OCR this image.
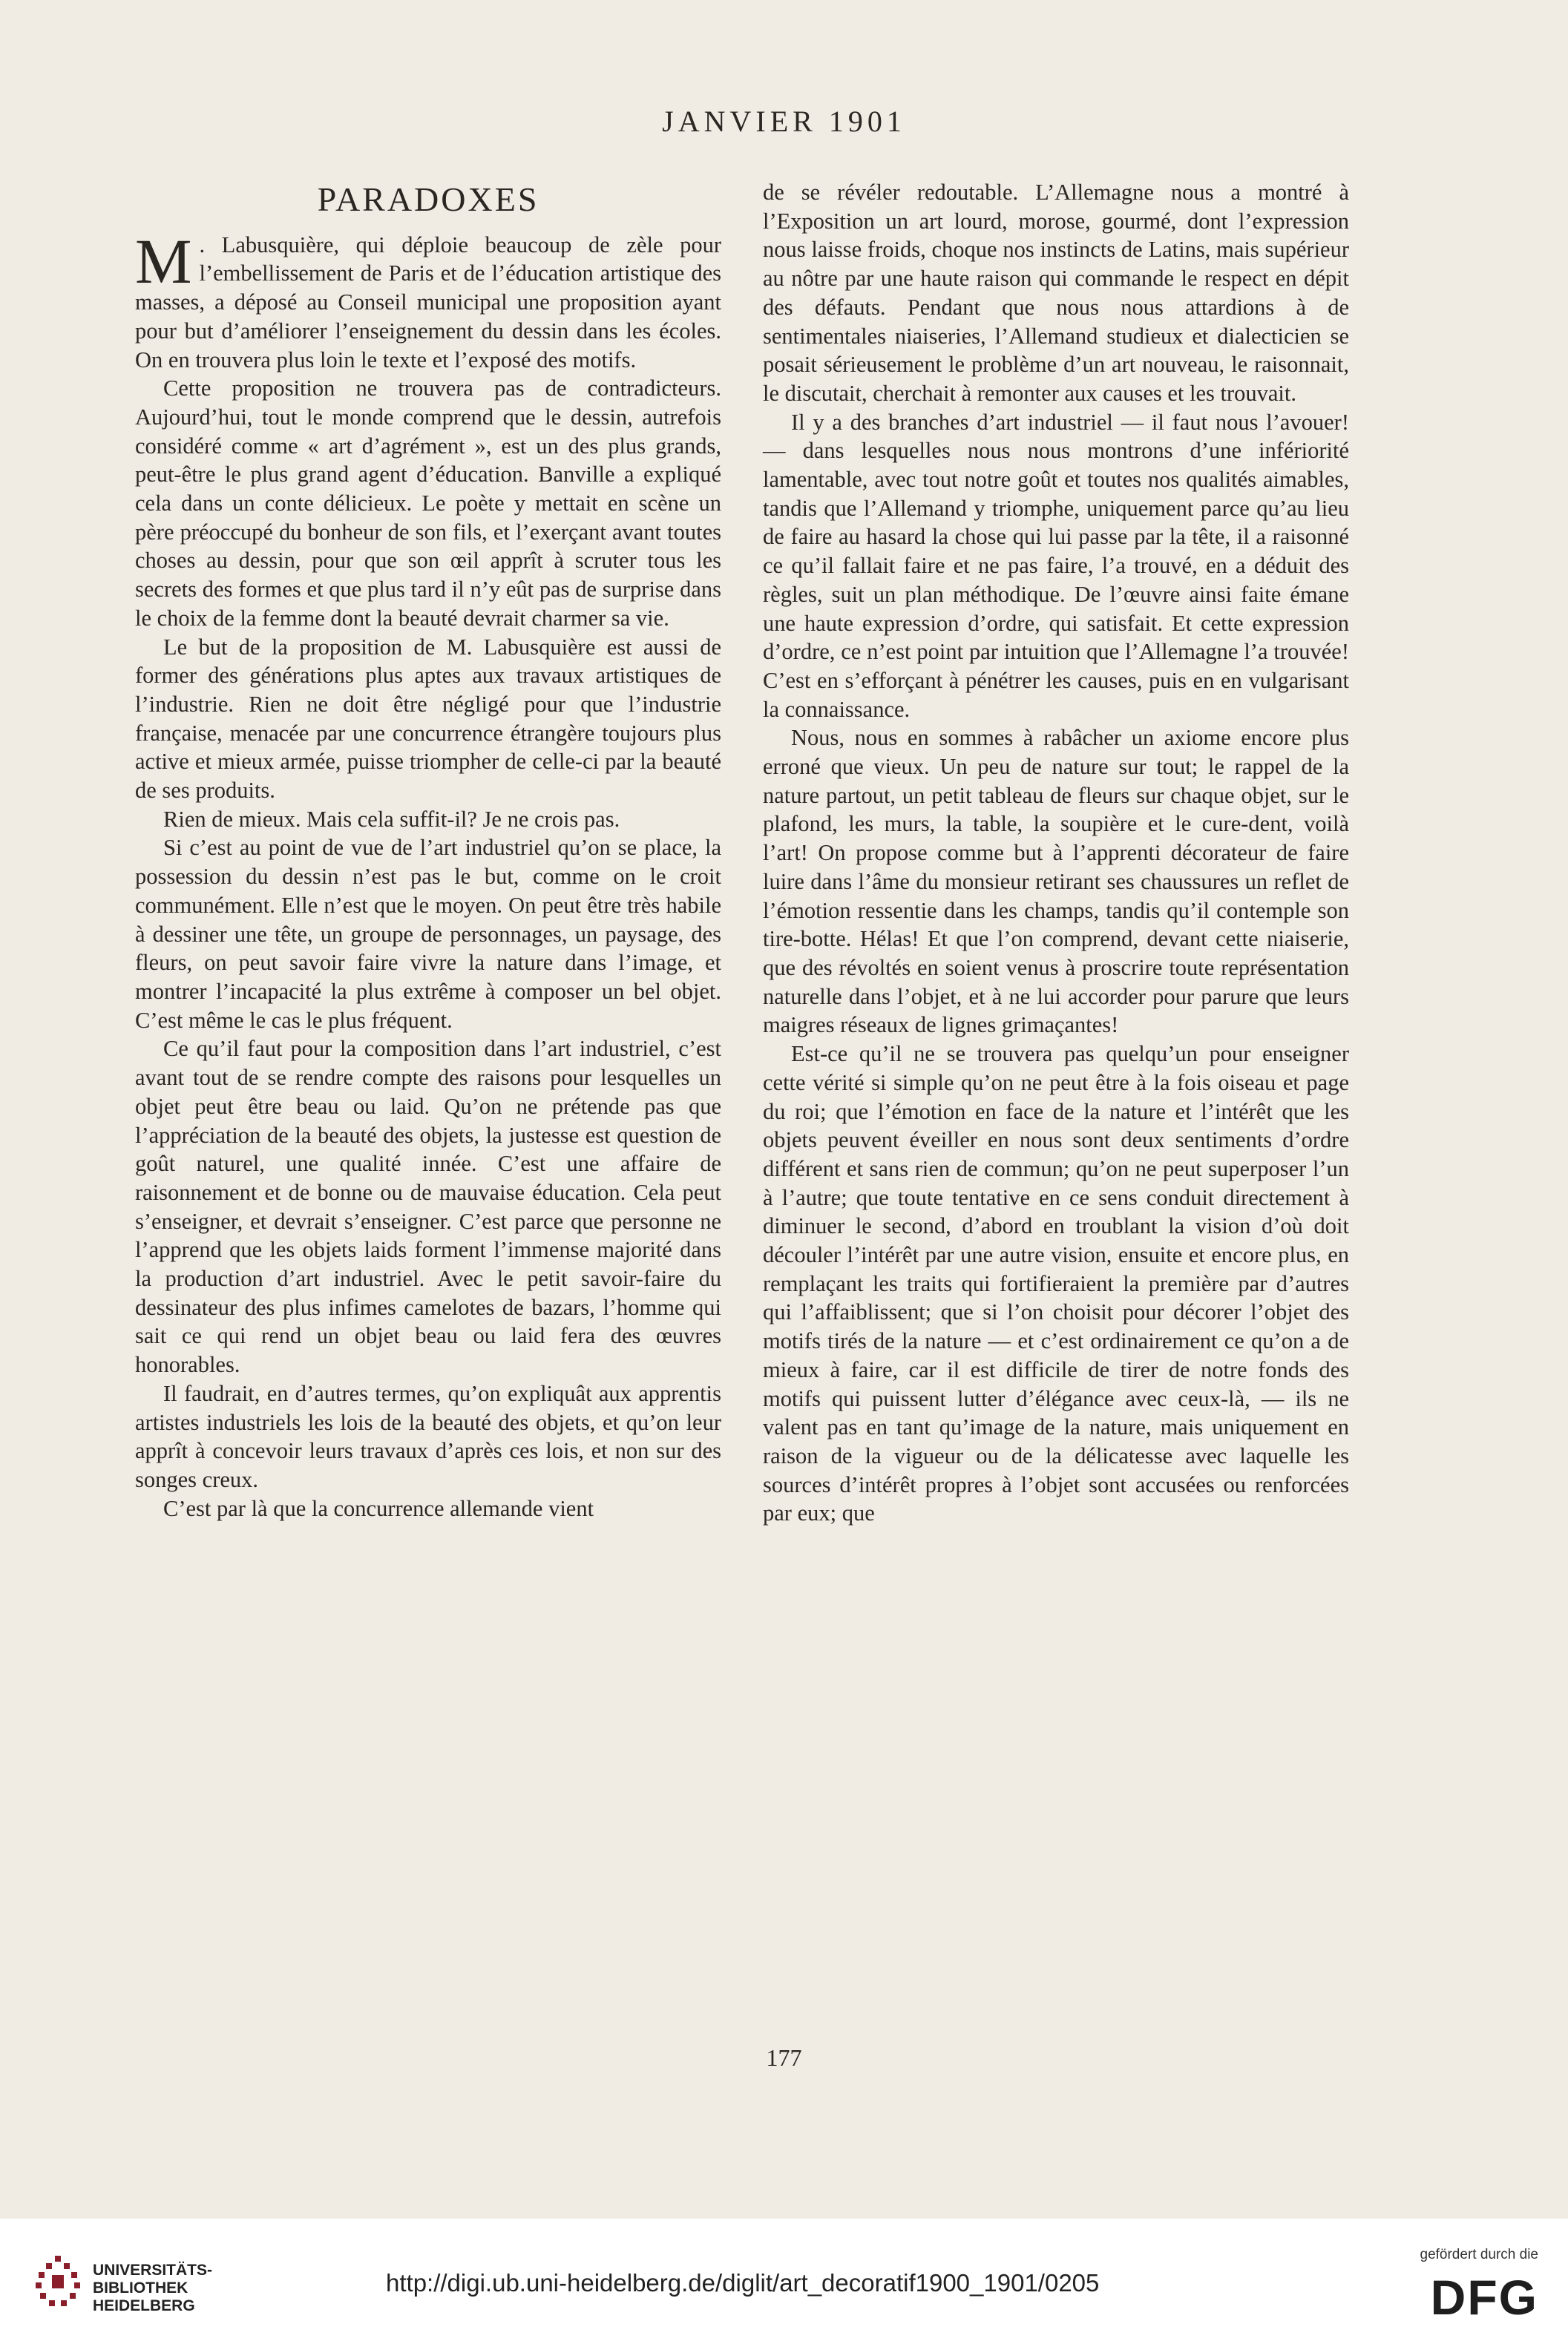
JANVIER 1901
PARADOXES

M . Labusquière, qui déploie beaucoup de zèle pour l’embellissement de Paris et de l’éducation artistique des masses, a déposé au Conseil municipal une proposition ayant pour but d’améliorer l’enseignement du dessin dans les écoles. On en trouvera plus loin le texte et l’exposé des motifs.

Cette proposition ne trouvera pas de contradicteurs. Aujourd’hui, tout le monde comprend que le dessin, autrefois considéré comme « art d’agrément », est un des plus grands, peut-être le plus grand agent d’éducation. Banville a expliqué cela dans un conte délicieux. Le poète y mettait en scène un père préoccupé du bonheur de son fils, et l’exerçant avant toutes choses au dessin, pour que son œil apprît à scruter tous les secrets des formes et que plus tard il n’y eût pas de surprise dans le choix de la femme dont la beauté devrait charmer sa vie.

Le but de la proposition de M. Labusquière est aussi de former des générations plus aptes aux travaux artistiques de l’industrie. Rien ne doit être négligé pour que l’industrie française, menacée par une concurrence étrangère toujours plus active et mieux armée, puisse triompher de celle-ci par la beauté de ses produits.

Rien de mieux. Mais cela suffit-il? Je ne crois pas.

Si c’est au point de vue de l’art industriel qu’on se place, la possession du dessin n’est pas le but, comme on le croit communément. Elle n’est que le moyen. On peut être très habile à dessiner une tête, un groupe de personnages, un paysage, des fleurs, on peut savoir faire vivre la nature dans l’image, et montrer l’incapacité la plus extrême à composer un bel objet. C’est même le cas le plus fréquent.

Ce qu’il faut pour la composition dans l’art industriel, c’est avant tout de se rendre compte des raisons pour lesquelles un objet peut être beau ou laid. Qu’on ne prétende pas que l’appréciation de la beauté des objets, la justesse est question de goût naturel, une qualité innée. C’est une affaire de raisonnement et de bonne ou de mauvaise éducation. Cela peut s’enseigner, et devrait s’enseigner. C’est parce que personne ne l’apprend que les objets laids forment l’immense majorité dans la production d’art industriel. Avec le petit savoir-faire du dessinateur des plus infimes camelotes de bazars, l’homme qui sait ce qui rend un objet beau ou laid fera des œuvres honorables.

Il faudrait, en d’autres termes, qu’on expliquât aux apprentis artistes industriels les lois de la beauté des objets, et qu’on leur apprît à concevoir leurs travaux d’après ces lois, et non sur des songes creux.

C’est par là que la concurrence allemande vient

de se révéler redoutable. L’Allemagne nous a montré à l’Exposition un art lourd, morose, gourmé, dont l’expression nous laisse froids, choque nos instincts de Latins, mais supérieur au nôtre par une haute raison qui commande le respect en dépit des défauts. Pendant que nous nous attardions à de sentimentales niaiseries, l’Allemand studieux et dialecticien se posait sérieusement le problème d’un art nouveau, le raisonnait, le discutait, cherchait à remonter aux causes et les trouvait.

Il y a des branches d’art industriel — il faut nous l’avouer! — dans lesquelles nous nous montrons d’une infériorité lamentable, avec tout notre goût et toutes nos qualités aimables, tandis que l’Allemand y triomphe, uniquement parce qu’au lieu de faire au hasard la chose qui lui passe par la tête, il a raisonné ce qu’il fallait faire et ne pas faire, l’a trouvé, en a déduit des règles, suit un plan méthodique. De l’œuvre ainsi faite émane une haute expression d’ordre, qui satisfait. Et cette expression d’ordre, ce n’est point par intuition que l’Allemagne l’a trouvée! C’est en s’efforçant à pénétrer les causes, puis en en vulgarisant la connaissance.

Nous, nous en sommes à rabâcher un axiome encore plus erroné que vieux. Un peu de nature sur tout; le rappel de la nature partout, un petit tableau de fleurs sur chaque objet, sur le plafond, les murs, la table, la soupière et le cure-dent, voilà l’art! On propose comme but à l’apprenti décorateur de faire luire dans l’âme du monsieur retirant ses chaussures un reflet de l’émotion ressentie dans les champs, tandis qu’il contemple son tire-botte. Hélas! Et que l’on comprend, devant cette niaiserie, que des révoltés en soient venus à proscrire toute représentation naturelle dans l’objet, et à ne lui accorder pour parure que leurs maigres réseaux de lignes grimaçantes!

Est-ce qu’il ne se trouvera pas quelqu’un pour enseigner cette vérité si simple qu’on ne peut être à la fois oiseau et page du roi; que l’émotion en face de la nature et l’intérêt que les objets peuvent éveiller en nous sont deux sentiments d’ordre différent et sans rien de commun; qu’on ne peut superposer l’un à l’autre; que toute tentative en ce sens conduit directement à diminuer le second, d’abord en troublant la vision d’où doit découler l’intérêt par une autre vision, ensuite et encore plus, en remplaçant les traits qui fortifieraient la première par d’autres qui l’affaiblissent; que si l’on choisit pour décorer l’objet des motifs tirés de la nature — et c’est ordinairement ce qu’on a de mieux à faire, car il est difficile de tirer de notre fonds des motifs qui puissent lutter d’élégance avec ceux-là, — ils ne valent pas en tant qu’image de la nature, mais uniquement en raison de la vigueur ou de la délicatesse avec laquelle les sources d’intérêt propres à l’objet sont accusées ou renforcées par eux; que

177
UNIVERSITÄTS-
BIBLIOTHEK
HEIDELBERG
http://digi.ub.uni-heidelberg.de/diglit/art_decoratif1900_1901/0205
gefördert durch die
DFG
